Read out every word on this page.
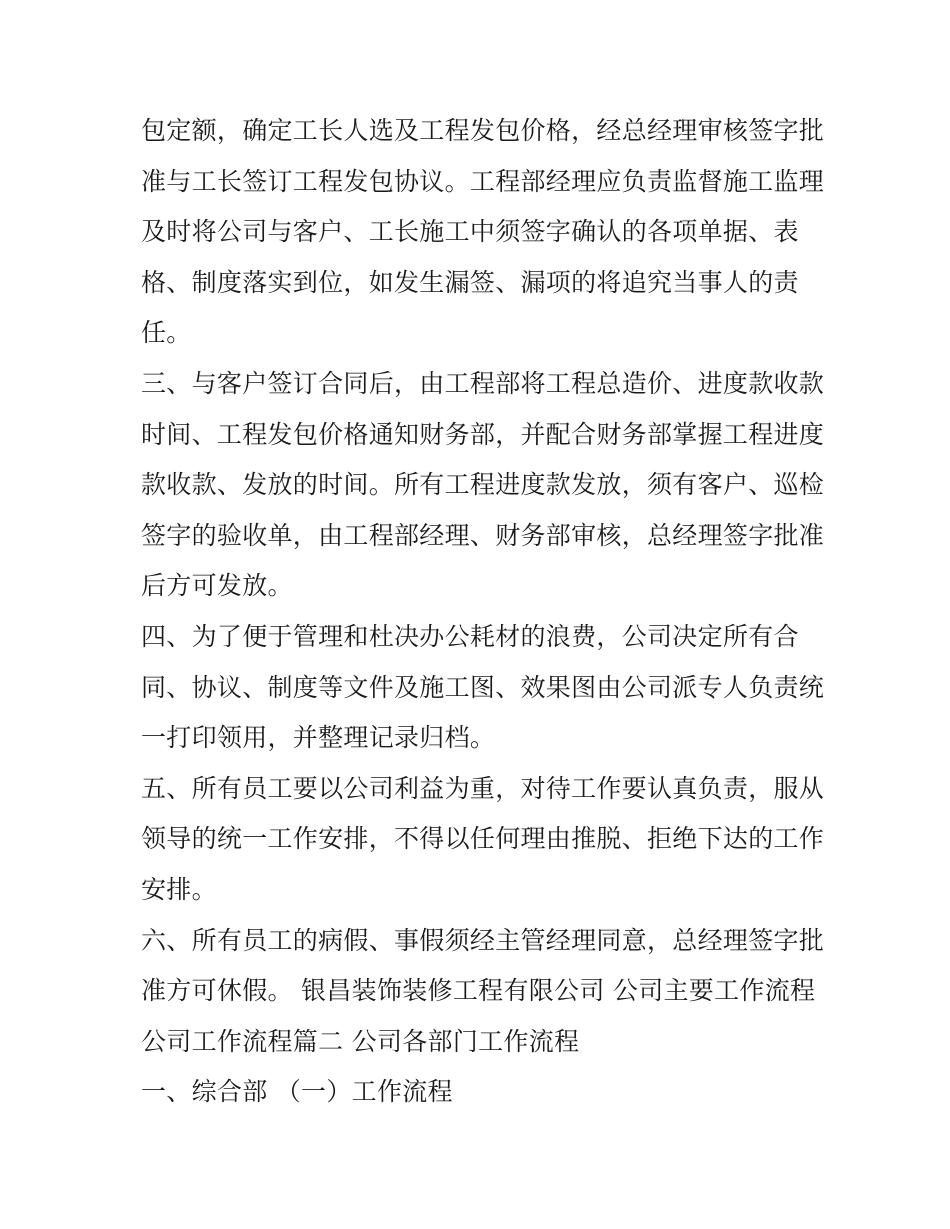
包定额，确定工长人选及工程发包价格，经总经理审核签字批
准与工长签订工程发包协议。工程部经理应负责监督施工监理
及时将公司与客户、工长施工中须签字确认的各项单据、表
格、制度落实到位，如发生漏签、漏项的将追究当事人的责
任。
三、与客户签订合同后，由工程部将工程总造价、进度款收款
时间、工程发包价格通知财务部，并配合财务部掌握工程进度
款收款、发放的时间。所有工程进度款发放，须有客户、巡检
签字的验收单，由工程部经理、财务部审核，总经理签字批准
后方可发放。
四、为了便于管理和杜决办公耗材的浪费，公司决定所有合
同、协议、制度等文件及施工图、效果图由公司派专人负责统
一打印领用，并整理记录归档。
五、所有员工要以公司利益为重，对待工作要认真负责，服从
领导的统一工作安排，不得以任何理由推脱、拒绝下达的工作
安排。
六、所有员工的病假、事假须经主管经理同意，总经理签字批
准方可休假。 银昌装饰装修工程有限公司 公司主要工作流程
公司工作流程篇二 公司各部门工作流程
一、综合部 （一）工作流程
